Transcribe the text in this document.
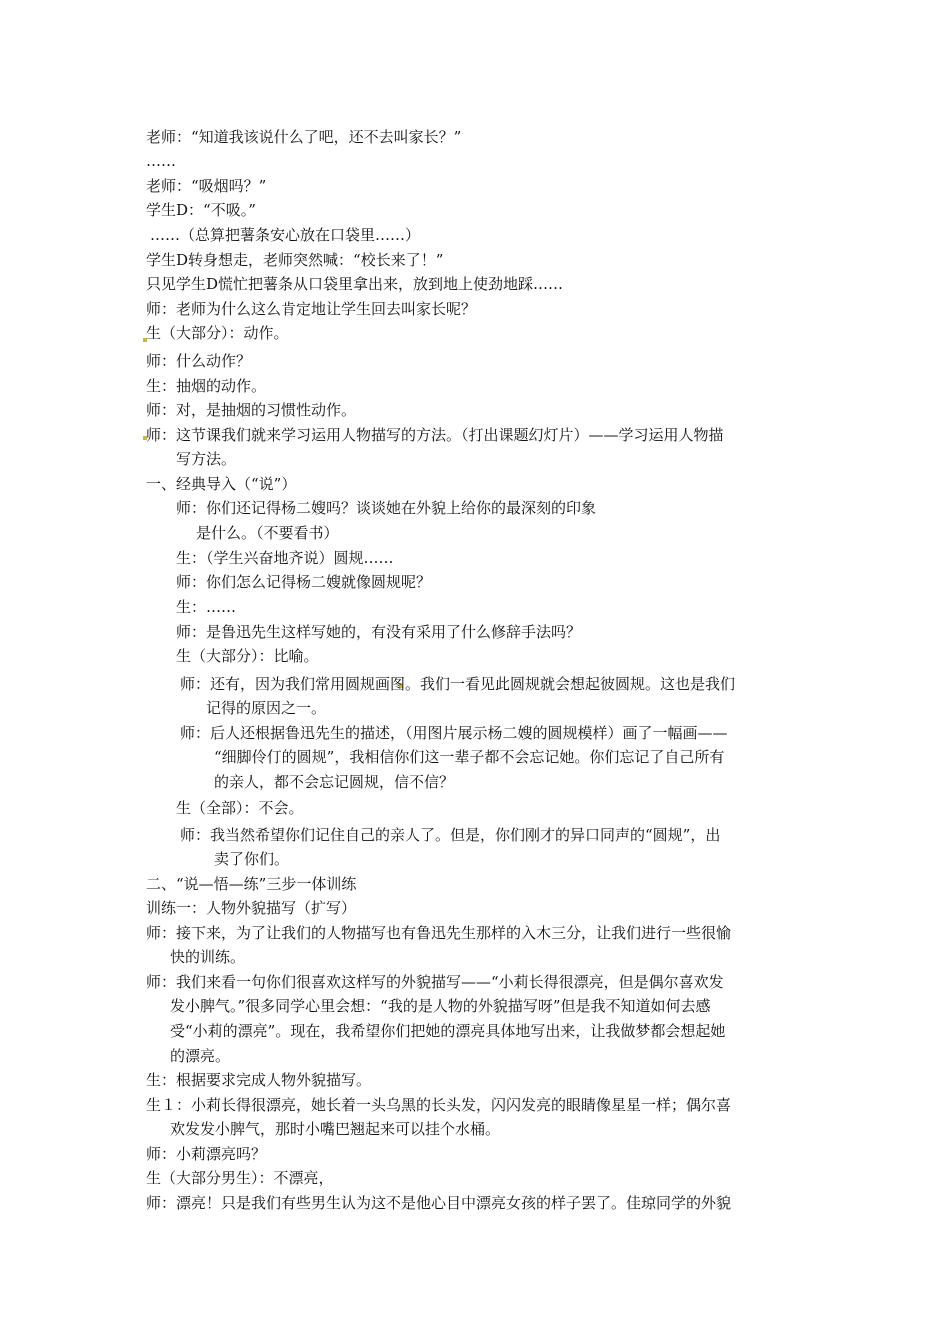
老师：“知道我该说什么了吧，还不去叫家长？”
……
老师：“吸烟吗？”
学生D：“不吸。”
……（总算把薯条安心放在口袋里……）
学生D转身想走，老师突然喊：“校长来了！”
只见学生D慌忙把薯条从口袋里拿出来，放到地上使劲地踩……
师：老师为什么这么肯定地让学生回去叫家长呢？
生（大部分）：动作。
师：什么动作？
生：抽烟的动作。
师：对，是抽烟的习惯性动作。
师：这节课我们就来学习运用人物描写的方法。（打出课题幻灯片）——学习运用人物描
写方法。
一、经典导入（“说”）
师：你们还记得杨二嫂吗？谈谈她在外貌上给你的最深刻的印象
是什么。（不要看书）
生：（学生兴奋地齐说）圆规……
师：你们怎么记得杨二嫂就像圆规呢？
生：……
师：是鲁迅先生这样写她的，有没有采用了什么修辞手法吗？
生（大部分）：比喻。
师：还有，因为我们常用圆规画图。我们一看见此圆规就会想起彼圆规。这也是我们
记得的原因之一。
师：后人还根据鲁迅先生的描述，（用图片展示杨二嫂的圆规模样）画了一幅画——
“细脚伶仃的圆规”，我相信你们这一辈子都不会忘记她。你们忘记了自己所有
的亲人，都不会忘记圆规，信不信？
生（全部）：不会。
师：我当然希望你们记住自己的亲人了。但是，你们刚才的异口同声的“圆规”，出
卖了你们。
二、“说—悟—练”三步一体训练
训练一：人物外貌描写（扩写）
师：接下来，为了让我们的人物描写也有鲁迅先生那样的入木三分，让我们进行一些很愉
快的训练。
师：我们来看一句你们很喜欢这样写的外貌描写——“小莉长得很漂亮，但是偶尔喜欢发
发小脾气。”很多同学心里会想：“我的是人物的外貌描写呀”但是我不知道如何去感
受“小莉的漂亮”。现在，我希望你们把她的漂亮具体地写出来，让我做梦都会想起她
的漂亮。
生：根据要求完成人物外貌描写。
生１：小莉长得很漂亮，她长着一头乌黑的长头发，闪闪发亮的眼睛像星星一样；偶尔喜
欢发发小脾气，那时小嘴巴翘起来可以挂个水桶。
师：小莉漂亮吗？
生（大部分男生）：不漂亮，
师：漂亮！只是我们有些男生认为这不是他心目中漂亮女孩的样子罢了。佳琼同学的外貌
